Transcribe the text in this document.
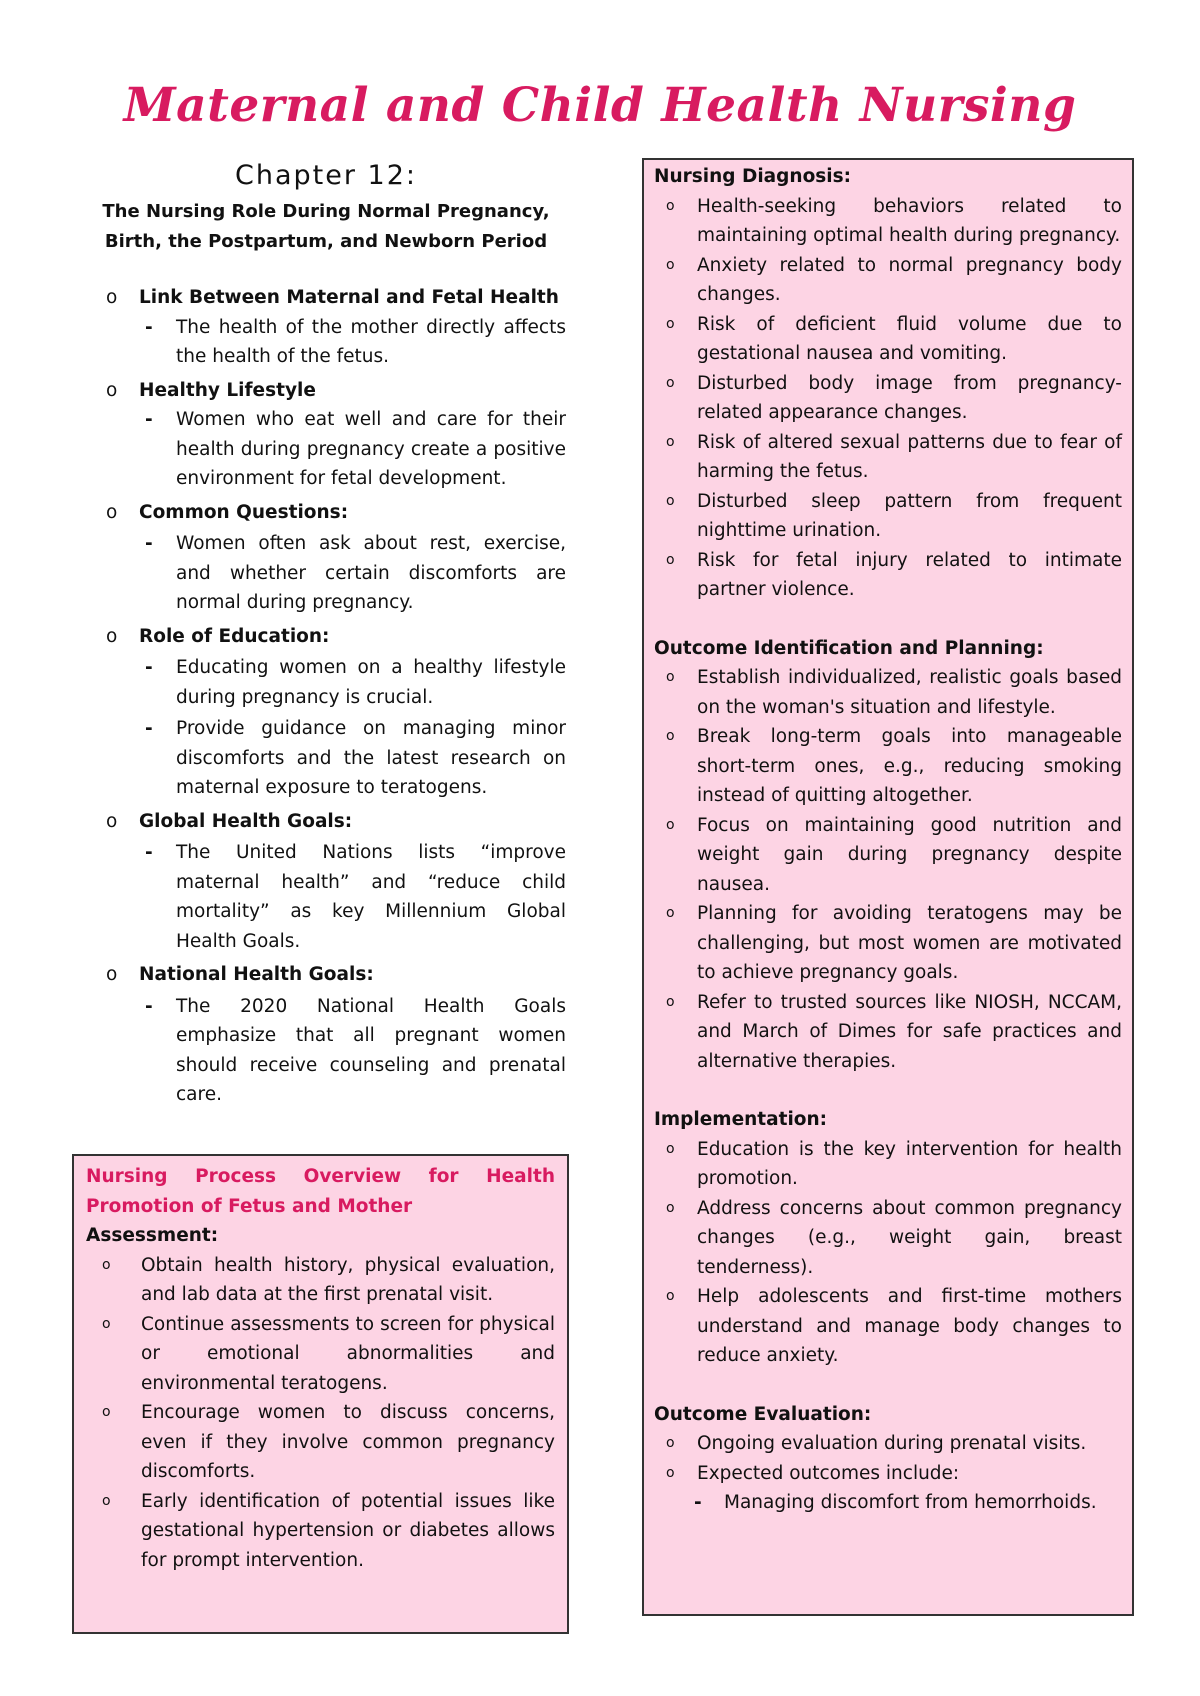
Maternal and Child Health Nursing
Chapter 12:

The Nursing Role During Normal Pregnancy, Birth, the Postpartum, and Newborn Period

o Link Between Maternal and Fetal Health
- The health of the mother directly affects the health of the fetus.
o Healthy Lifestyle
- Women who eat well and care for their health during pregnancy create a positive environment for fetal development.
o Common Questions:
- Women often ask about rest, exercise, and whether certain discomforts are normal during pregnancy.
o Role of Education:
- Educating women on a healthy lifestyle during pregnancy is crucial.
- Provide guidance on managing minor discomforts and the latest research on maternal exposure to teratogens.
o Global Health Goals:
- The United Nations lists “improve maternal health” and “reduce child mortality” as key Millennium Global Health Goals.
o National Health Goals:
- The 2020 National Health Goals emphasize that all pregnant women should receive counseling and prenatal care.
Nursing Process Overview for Health Promotion of Fetus and Mother
Assessment:
o Obtain health history, physical evaluation, and lab data at the first prenatal visit.
o Continue assessments to screen for physical or emotional abnormalities and environmental teratogens.
o Encourage women to discuss concerns, even if they involve common pregnancy discomforts.
o Early identification of potential issues like gestational hypertension or diabetes allows for prompt intervention.
Nursing Diagnosis:
o Health-seeking behaviors related to maintaining optimal health during pregnancy.
o Anxiety related to normal pregnancy body changes.
o Risk of deficient fluid volume due to gestational nausea and vomiting.
o Disturbed body image from pregnancy-related appearance changes.
o Risk of altered sexual patterns due to fear of harming the fetus.
o Disturbed sleep pattern from frequent nighttime urination.
o Risk for fetal injury related to intimate partner violence.
Outcome Identification and Planning:
o Establish individualized, realistic goals based on the woman's situation and lifestyle.
o Break long-term goals into manageable short-term ones, e.g., reducing smoking instead of quitting altogether.
o Focus on maintaining good nutrition and weight gain during pregnancy despite nausea.
o Planning for avoiding teratogens may be challenging, but most women are motivated to achieve pregnancy goals.
o Refer to trusted sources like NIOSH, NCCAM, and March of Dimes for safe practices and alternative therapies.
Implementation:
o Education is the key intervention for health promotion.
o Address concerns about common pregnancy changes (e.g., weight gain, breast tenderness).
o Help adolescents and first-time mothers understand and manage body changes to reduce anxiety.
Outcome Evaluation:
o Ongoing evaluation during prenatal visits.
o Expected outcomes include:
- Managing discomfort from hemorrhoids.
